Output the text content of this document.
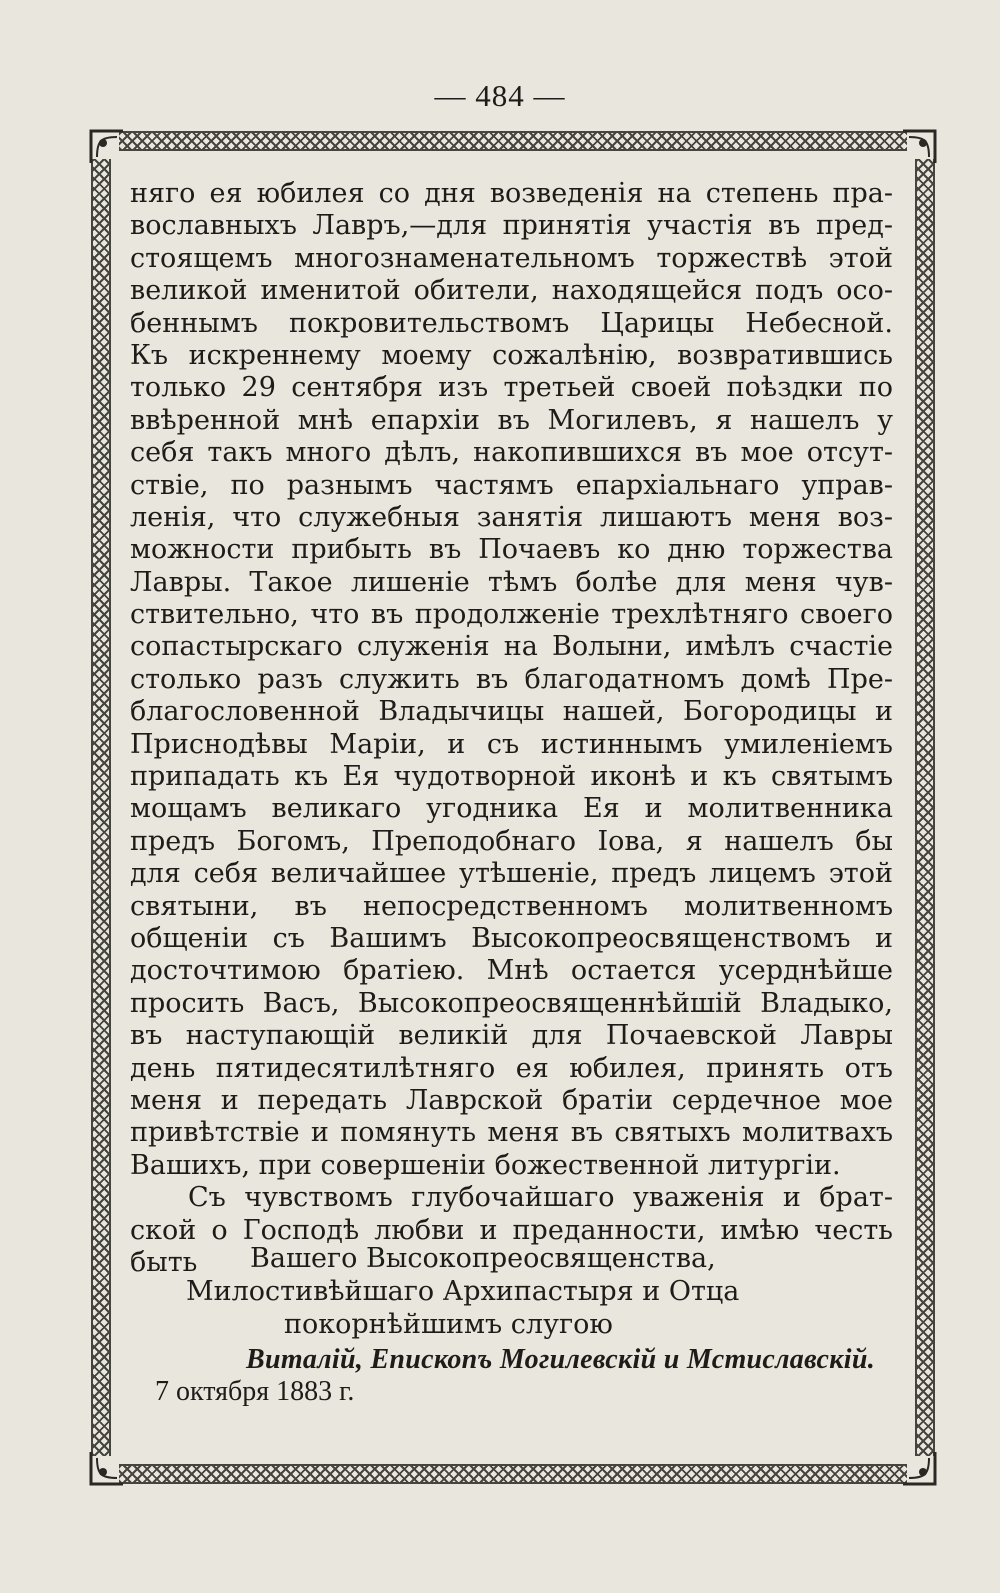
— 484 —
няго ея юбилея со дня возведенія на степень пра-
вославныхъ Лавръ,—для принятія участія въ пред-
стоящемъ многознаменательномъ торжествѣ этой
великой именитой обители, находящейся подъ осо-
беннымъ покровительствомъ Царицы Небесной.
Къ искреннему моему сожалѣнію, возвратившись
только 29 сентября изъ третьей своей поѣздки по
ввѣренной мнѣ епархіи въ Могилевъ, я нашелъ у
себя такъ много дѣлъ, накопившихся въ мое отсут-
ствіе, по разнымъ частямъ епархіальнаго управ-
ленія, что служебныя занятія лишаютъ меня воз-
можности прибыть въ Почаевъ ко дню торжества
Лавры. Такое лишеніе тѣмъ болѣе для меня чув-
ствительно, что въ продолженіе трехлѣтняго своего
сопастырскаго служенія на Волыни, имѣлъ счастіе
столько разъ служить въ благодатномъ домѣ Пре-
благословенной Владычицы нашей, Богородицы и
Приснодѣвы Маріи, и съ истиннымъ умиленіемъ
припадать къ Ея чудотворной иконѣ и къ святымъ
мощамъ великаго угодника Ея и молитвенника
предъ Богомъ, Преподобнаго Іова, я нашелъ бы
для себя величайшее утѣшеніе, предъ лицемъ этой
святыни, въ непосредственномъ молитвенномъ
общеніи съ Вашимъ Высокопреосвященствомъ и
досточтимою братіею. Мнѣ остается усерднѣйше
просить Васъ, Высокопреосвященнѣйшій Владыко,
въ наступающій великій для Почаевской Лавры
день пятидесятилѣтняго ея юбилея, принять отъ
меня и передать Лаврской братіи сердечное мое
привѣтствіе и помянуть меня въ святыхъ молитвахъ
Вашихъ, при совершеніи божественной литургіи.
Съ чувствомъ глубочайшаго уваженія и брат-
ской о Господѣ любви и преданности, имѣю честь
быть	Вашего Высокопреосвященства,
Милостивѣйшаго Архипастыря и Отца
покорнѣйшимъ слугою
Виталій, Епископъ Могилевскій и Мстиславскій.
7 октября 1883 г.
